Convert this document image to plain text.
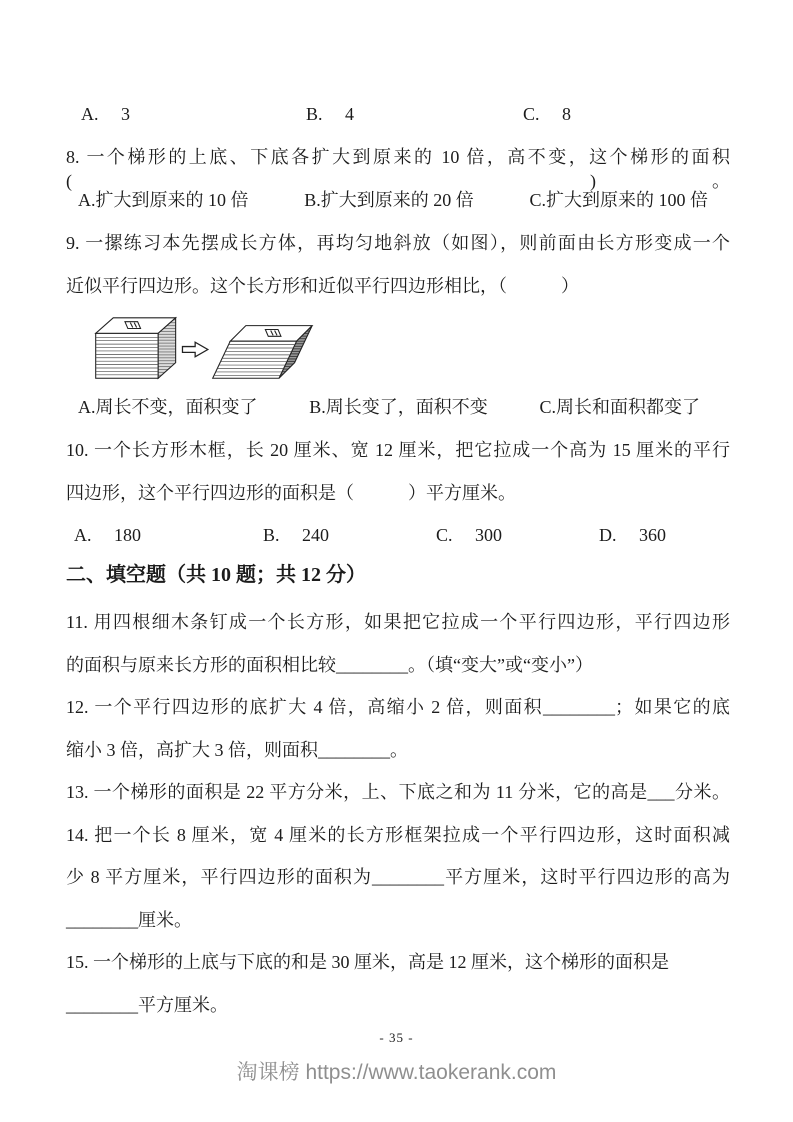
A.　 3	B.　 4	C.　 8
8. 一个梯形的上底、下底各扩大到原来的 10 倍，高不变，这个梯形的面积(　　　)。
A.扩大到原来的 10 倍	B.扩大到原来的 20 倍	C.扩大到原来的 100 倍
9. 一摞练习本先摆成长方体，再均匀地斜放（如图），则前面由长方形变成一个
近似平行四边形。这个长方形和近似平行四边形相比，（　　　）
A.周长不变，面积变了	B.周长变了，面积不变	C.周长和面积都变了
10. 一个长方形木框，长 20 厘米、宽 12 厘米，把它拉成一个高为 15 厘米的平行
四边形，这个平行四边形的面积是（　　　）平方厘米。
A.　 180	B.　 240	C.　 300	D.　 360
二、填空题（共 10 题；共 12 分）
11. 用四根细木条钉成一个长方形，如果把它拉成一个平行四边形，平行四边形
的面积与原来长方形的面积相比较________。（填“变大”或“变小”）
12. 一个平行四边形的底扩大 4 倍，高缩小 2 倍，则面积________；如果它的底
缩小 3 倍，高扩大 3 倍，则面积________。
13. 一个梯形的面积是 22 平方分米，上、下底之和为 11 分米，它的高是___分米。
14. 把一个长 8 厘米，宽 4 厘米的长方形框架拉成一个平行四边形，这时面积减
少 8 平方厘米，平行四边形的面积为________平方厘米，这时平行四边形的高为
________厘米。
15. 一个梯形的上底与下底的和是 30 厘米，高是 12 厘米，这个梯形的面积是
________平方厘米。
- 35 -
淘课榜 https://www.taokerank.com
